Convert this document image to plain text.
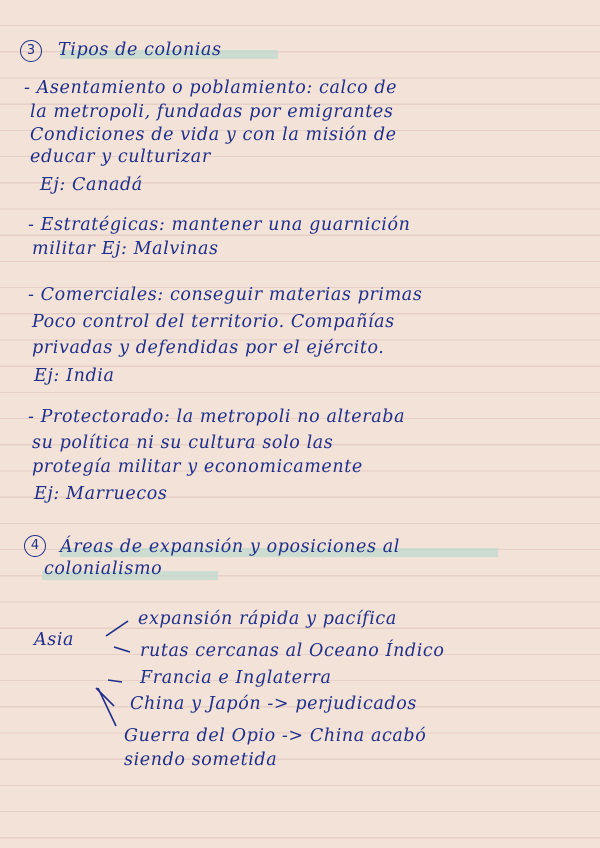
3	Tipos de colonias
- Asentamiento o poblamiento: calco de
la metropoli, fundadas por emigrantes
Condiciones de vida y con la misión de
educar y culturizar
Ej: Canadá
- Estratégicas: mantener una guarnición
militar Ej: Malvinas
- Comerciales: conseguir materias primas
Poco control del territorio. Compañías
privadas y defendidas por el ejército.
Ej: India
- Protectorado: la metropoli no alteraba
su política ni su cultura solo las
protegía militar y economicamente
Ej: Marruecos
4	Áreas de expansión y oposiciones al
colonialismo
Asia
expansión rápida y pacífica
rutas cercanas al Oceano Índico
Francia e Inglaterra
China y Japón -> perjudicados
Guerra del Opio -> China acabó
siendo sometida
